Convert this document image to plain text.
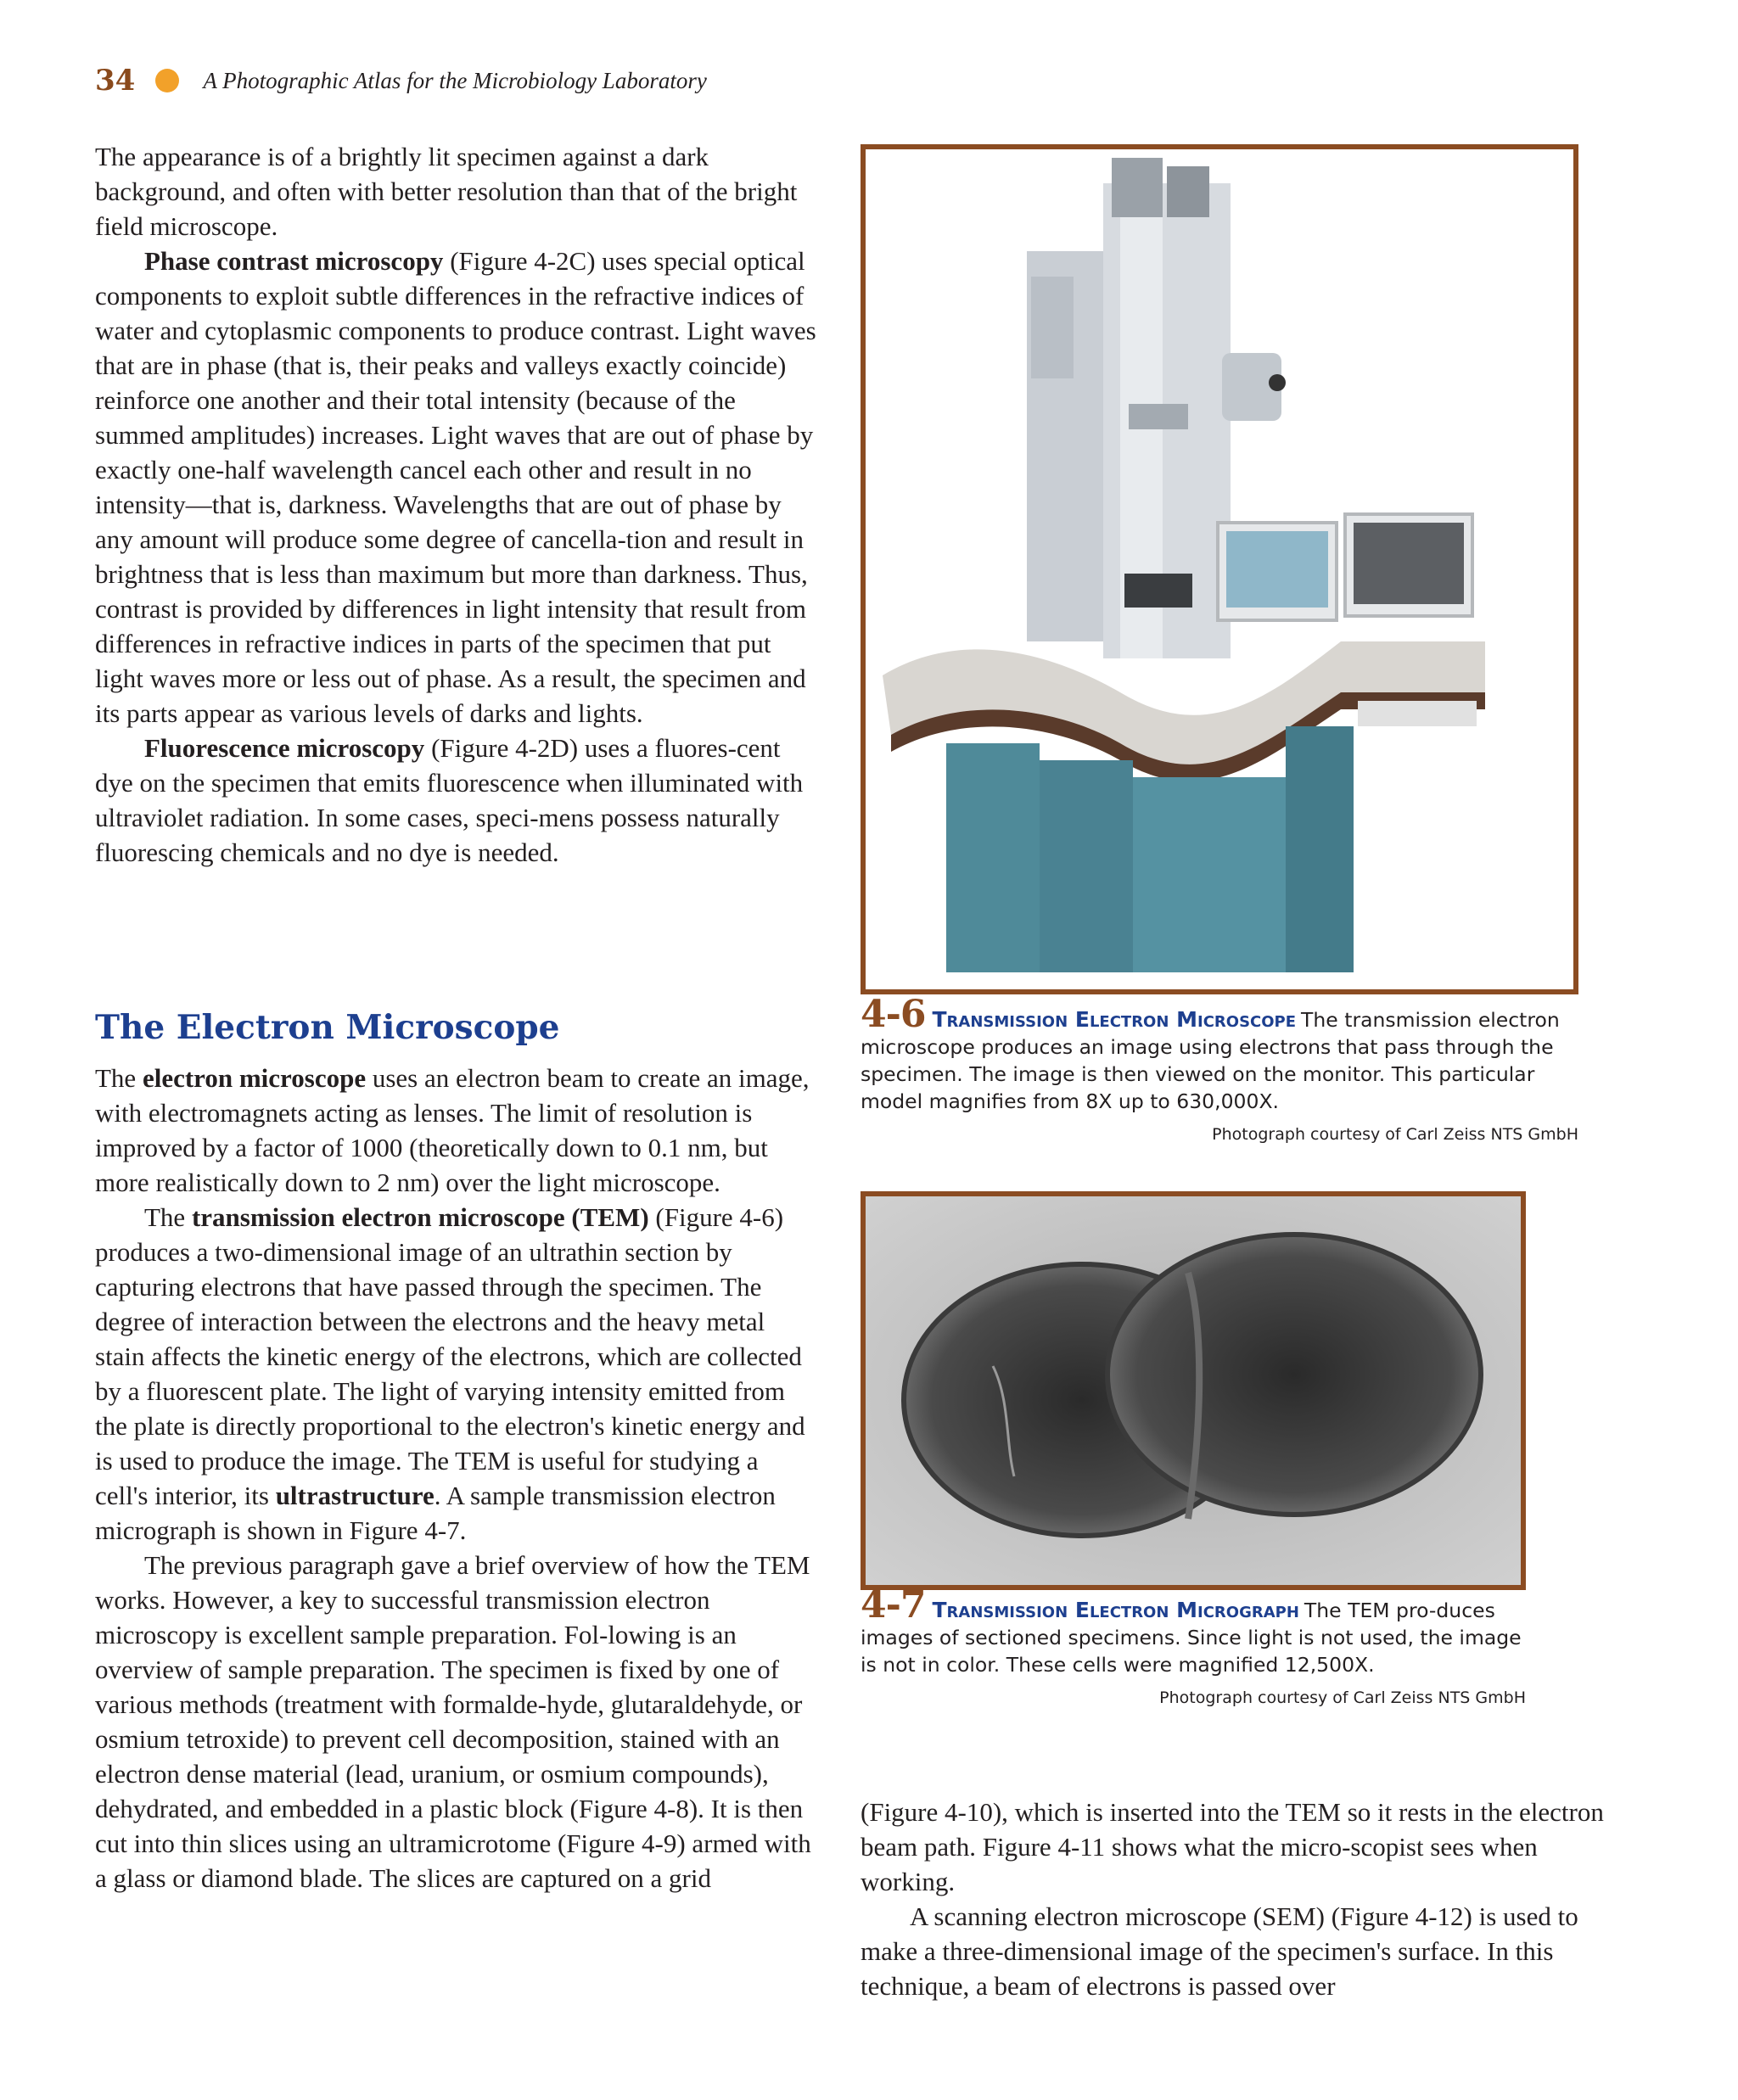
34	A Photographic Atlas for the Microbiology Laboratory

The appearance is of a brightly lit specimen against a dark background, and often with better resolution than that of the bright field microscope.

Phase contrast microscopy (Figure 4-2C) uses special optical components to exploit subtle differences in the refractive indices of water and cytoplasmic components to produce contrast. Light waves that are in phase (that is, their peaks and valleys exactly coincide) reinforce one another and their total intensity (because of the summed amplitudes) increases. Light waves that are out of phase by exactly one-half wavelength cancel each other and result in no intensity—that is, darkness. Wavelengths that are out of phase by any amount will produce some degree of cancella-tion and result in brightness that is less than maximum but more than darkness. Thus, contrast is provided by differences in light intensity that result from differences in refractive indices in parts of the specimen that put light waves more or less out of phase. As a result, the specimen and its parts appear as various levels of darks and lights.

Fluorescence microscopy (Figure 4-2D) uses a fluores-cent dye on the specimen that emits fluorescence when illuminated with ultraviolet radiation. In some cases, speci-mens possess naturally fluorescing chemicals and no dye is needed.

The Electron Microscope

The electron microscope uses an electron beam to create an image, with electromagnets acting as lenses. The limit of resolution is improved by a factor of 1000 (theoretically down to 0.1 nm, but more realistically down to 2 nm) over the light microscope.

The transmission electron microscope (TEM) (Figure 4-6) produces a two-dimensional image of an ultrathin section by capturing electrons that have passed through the specimen. The degree of interaction between the electrons and the heavy metal stain affects the kinetic energy of the electrons, which are collected by a fluorescent plate. The light of varying intensity emitted from the plate is directly proportional to the electron's kinetic energy and is used to produce the image. The TEM is useful for studying a cell's interior, its ultrastructure. A sample transmission electron micrograph is shown in Figure 4-7.

The previous paragraph gave a brief overview of how the TEM works. However, a key to successful transmission electron microscopy is excellent sample preparation. Fol-lowing is an overview of sample preparation. The specimen is fixed by one of various methods (treatment with formalde-hyde, glutaraldehyde, or osmium tetroxide) to prevent cell decomposition, stained with an electron dense material (lead, uranium, or osmium compounds), dehydrated, and embedded in a plastic block (Figure 4-8). It is then cut into thin slices using an ultramicrotome (Figure 4-9) armed with a glass or diamond blade. The slices are captured on a grid

4-6 Transmission Electron Microscope The transmission electron microscope produces an image using electrons that pass through the specimen. The image is then viewed on the monitor. This particular model magnifies from 8X up to 630,000X.
Photograph courtesy of Carl Zeiss NTS GmbH
4-7 Transmission Electron Micrograph The TEM pro-duces images of sectioned specimens. Since light is not used, the image is not in color. These cells were magnified 12,500X.
Photograph courtesy of Carl Zeiss NTS GmbH

(Figure 4-10), which is inserted into the TEM so it rests in the electron beam path. Figure 4-11 shows what the micro-scopist sees when working.

A scanning electron microscope (SEM) (Figure 4-12) is used to make a three-dimensional image of the specimen's surface. In this technique, a beam of electrons is passed over
